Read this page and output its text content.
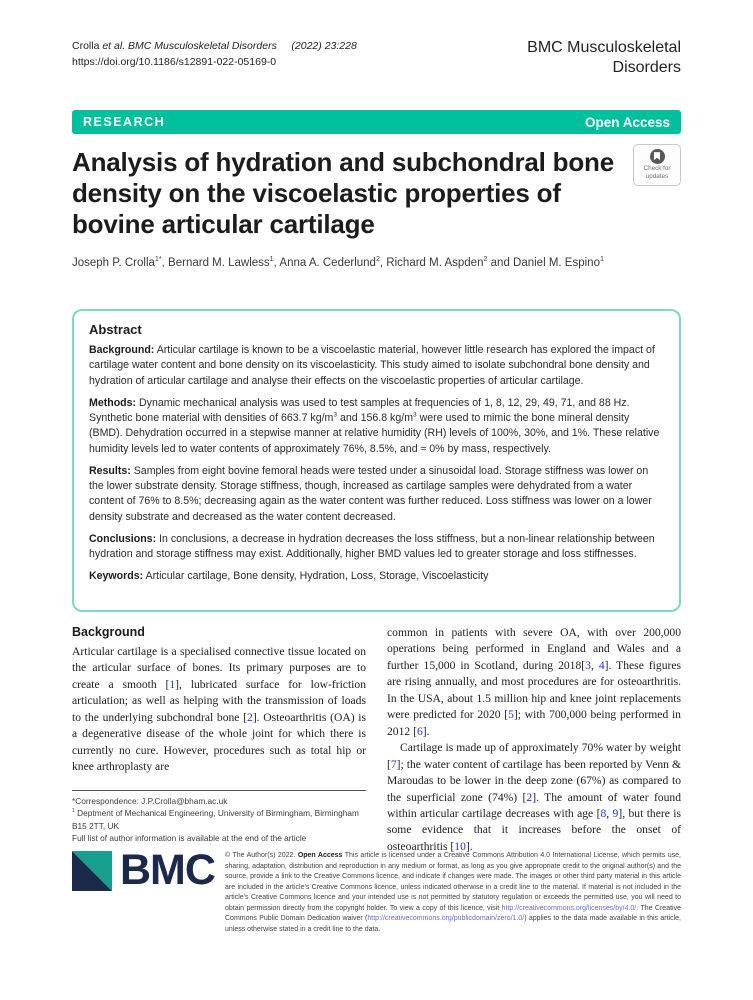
Crolla et al. BMC Musculoskeletal Disorders (2022) 23:228
https://doi.org/10.1186/s12891-022-05169-0
BMC Musculoskeletal
Disorders
RESEARCH	Open Access
Analysis of hydration and subchondral bone density on the viscoelastic properties of bovine articular cartilage
Check for
updates
Joseph P. Crolla$^{1*}$, Bernard M. Lawless$^1$, Anna A. Cederlund$^2$, Richard M. Aspden$^2$ and Daniel M. Espino$^1$
Abstract

Background: Articular cartilage is known to be a viscoelastic material, however little research has explored the impact of cartilage water content and bone density on its viscoelasticity. This study aimed to isolate subchondral bone density and hydration of articular cartilage and analyse their effects on the viscoelastic properties of articular cartilage.

Methods: Dynamic mechanical analysis was used to test samples at frequencies of 1, 8, 12, 29, 49, 71, and 88 Hz. Synthetic bone material with densities of 663.7 $kg/m^3$ and 156.8 $kg/m^3$ were used to mimic the bone mineral density (BMD). Dehydration occurred in a stepwise manner at relative humidity (RH) levels of 100%, 30%, and 1%. These relative humidity levels led to water contents of approximately 76%, 8.5%, and ≈ 0% by mass, respectively.

Results: Samples from eight bovine femoral heads were tested under a sinusoidal load. Storage stiffness was lower on the lower substrate density. Storage stiffness, though, increased as cartilage samples were dehydrated from a water content of 76% to 8.5%; decreasing again as the water content was further reduced. Loss stiffness was lower on a lower density substrate and decreased as the water content decreased.

Conclusions: In conclusions, a decrease in hydration decreases the loss stiffness, but a non-linear relationship between hydration and storage stiffness may exist. Additionally, higher BMD values led to greater storage and loss stiffnesses.

Keywords: Articular cartilage, Bone density, Hydration, Loss, Storage, Viscoelasticity

Background

Articular cartilage is a specialised connective tissue located on the articular surface of bones. Its primary purposes are to create a smooth [1], lubricated surface for low-friction articulation; as well as helping with the transmission of loads to the underlying subchondral bone [2]. Osteoarthritis (OA) is a degenerative disease of the whole joint for which there is currently no cure. However, procedures such as total hip or knee arthroplasty are

*Correspondence: J.P.Crolla@bham.ac.uk
$^1$ Deptment of Mechanical Engineering, University of Birmingham, Birmingham B15 2TT, UK
Full list of author information is available at the end of the article

common in patients with severe OA, with over 200,000 operations being performed in England and Wales and a further 15,000 in Scotland, during 2018[3, 4]. These figures are rising annually, and most procedures are for osteoarthritis. In the USA, about 1.5 million hip and knee joint replacements were predicted for 2020 [5]; with 700,000 being performed in 2012 [6].

Cartilage is made up of approximately 70% water by weight [7]; the water content of cartilage has been reported by Venn & Maroudas to be lower in the deep zone (67%) as compared to the superficial zone (74%) [2]. The amount of water found within articular cartilage decreases with age [8, 9], but there is some evidence that it increases before the onset of osteoarthritis [10].

BMC © The Author(s) 2022. Open Access This article is licensed under a Creative Commons Attribution 4.0 International License, which permits use, sharing, adaptation, distribution and reproduction in any medium or format, as long as you give appropriate credit to the original author(s) and the source, provide a link to the Creative Commons licence, and indicate if changes were made. The images or other third party material in this article are included in the article's Creative Commons licence, unless indicated otherwise in a credit line to the material. If material is not included in the article's Creative Commons licence and your intended use is not permitted by statutory regulation or exceeds the permitted use, you will need to obtain permission directly from the copyright holder. To view a copy of this licence, visit http://creativecommons.org/licenses/by/4.0/. The Creative Commons Public Domain Dedication waiver (http://creativecommons.org/publicdomain/zero/1.0/) applies to the data made available in this article, unless otherwise stated in a credit line to the data.
